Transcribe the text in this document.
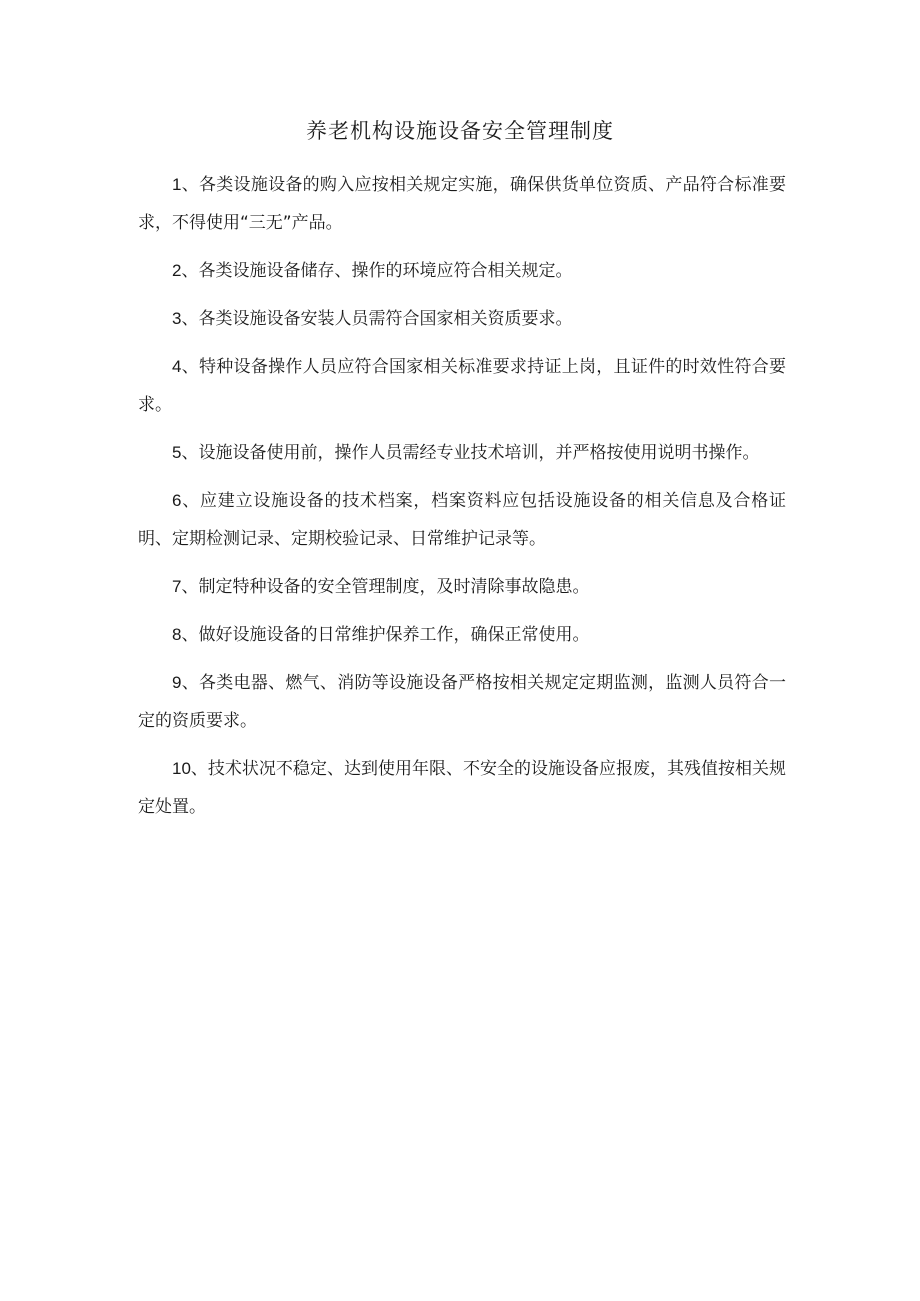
养老机构设施设备安全管理制度

1、各类设施设备的购入应按相关规定实施，确保供货单位资质、产品符合标准要求，不得使用“三无”产品。

2、各类设施设备储存、操作的环境应符合相关规定。

3、各类设施设备安装人员需符合国家相关资质要求。

4、特种设备操作人员应符合国家相关标准要求持证上岗，且证件的时效性符合要求。

5、设施设备使用前，操作人员需经专业技术培训，并严格按使用说明书操作。

6、应建立设施设备的技术档案，档案资料应包括设施设备的相关信息及合格证明、定期检测记录、定期校验记录、日常维护记录等。

7、制定特种设备的安全管理制度，及时清除事故隐患。

8、做好设施设备的日常维护保养工作，确保正常使用。

9、各类电器、燃气、消防等设施设备严格按相关规定定期监测，监测人员符合一定的资质要求。

10、技术状况不稳定、达到使用年限、不安全的设施设备应报废，其残值按相关规定处置。
